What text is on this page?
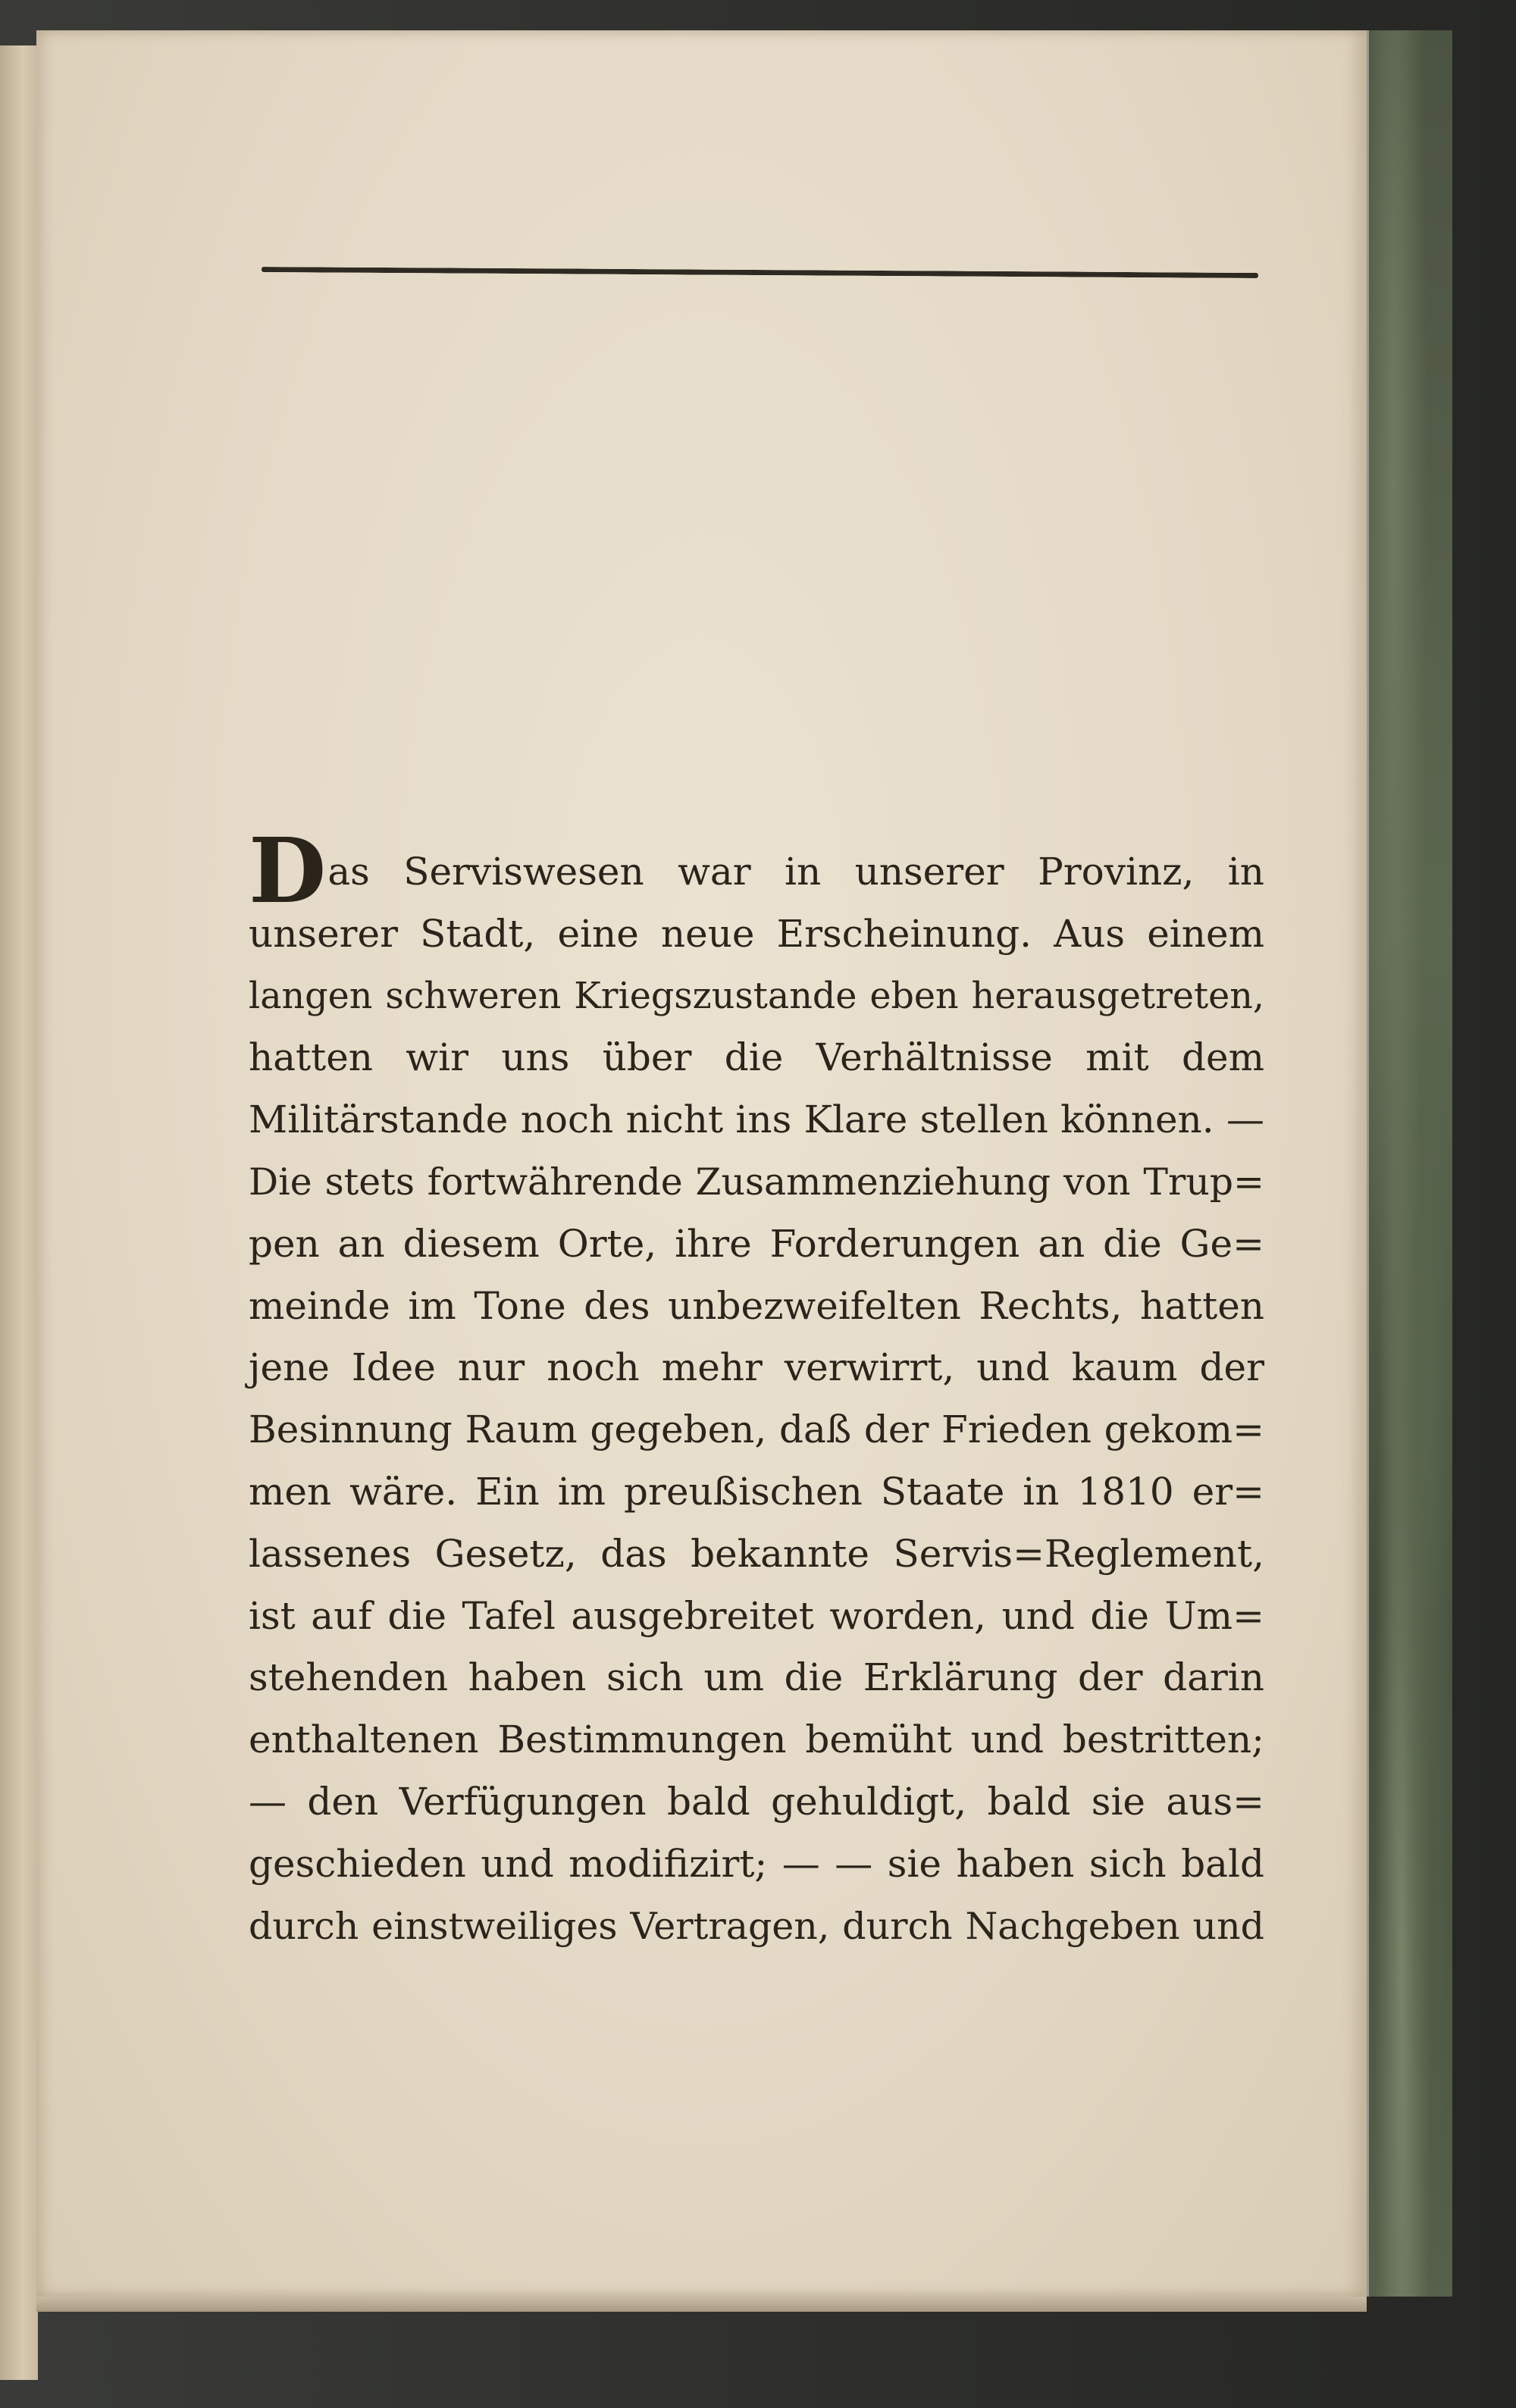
Das Serviswesen war in unserer Provinz, in
unserer Stadt, eine neue Erscheinung. Aus einem
langen schweren Kriegszustande eben herausgetreten,
hatten wir uns über die Verhältnisse mit dem
Militärstande noch nicht ins Klare stellen können. —
Die stets fortwährende Zusammenziehung von Trup=
pen an diesem Orte, ihre Forderungen an die Ge=
meinde im Tone des unbezweifelten Rechts, hatten
jene Idee nur noch mehr verwirrt, und kaum der
Besinnung Raum gegeben, daß der Frieden gekom=
men wäre. Ein im preußischen Staate in 1810 er=
lassenes Gesetz, das bekannte Servis=Reglement,
ist auf die Tafel ausgebreitet worden, und die Um=
stehenden haben sich um die Erklärung der darin
enthaltenen Bestimmungen bemüht und bestritten;
— den Verfügungen bald gehuldigt, bald sie aus=
geschieden und modifizirt; — — sie haben sich bald
durch einstweiliges Vertragen, durch Nachgeben und
